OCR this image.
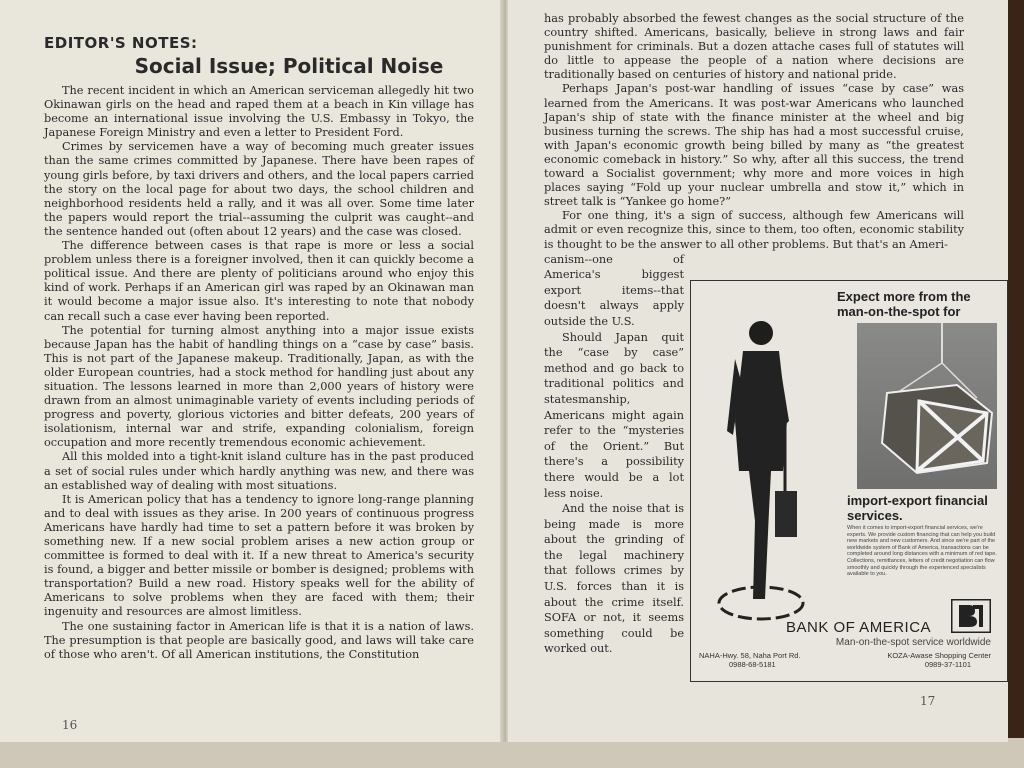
EDITOR'S NOTES:
Social Issue; Political Noise

The recent incident in which an American serviceman allegedly hit two Okinawan girls on the head and raped them at a beach in Kin village has become an international issue involving the U.S. Embassy in Tokyo, the Japanese Foreign Ministry and even a letter to President Ford.

Crimes by servicemen have a way of becoming much greater issues than the same crimes committed by Japanese. There have been rapes of young girls before, by taxi drivers and others, and the local papers carried the story on the local page for about two days, the school children and neighborhood residents held a rally, and it was all over. Some time later the papers would report the trial--assuming the culprit was caught--and the sentence handed out (often about 12 years) and the case was closed.

The difference between cases is that rape is more or less a social problem unless there is a foreigner involved, then it can quickly become a political issue. And there are plenty of politicians around who enjoy this kind of work. Perhaps if an American girl was raped by an Okinawan man it would become a major issue also. It's interesting to note that nobody can recall such a case ever having been reported.

The potential for turning almost anything into a major issue exists because Japan has the habit of handling things on a “case by case” basis. This is not part of the Japanese makeup. Traditionally, Japan, as with the older European countries, had a stock method for handling just about any situation. The lessons learned in more than 2,000 years of history were drawn from an almost unimaginable variety of events including periods of progress and poverty, glorious victories and bitter defeats, 200 years of isolationism, internal war and strife, expanding colonialism, foreign occupation and more recently tremendous economic achievement.

All this molded into a tight-knit island culture has in the past produced a set of social rules under which hardly anything was new, and there was an established way of dealing with most situations.

It is American policy that has a tendency to ignore long-range planning and to deal with issues as they arise. In 200 years of continuous progress Americans have hardly had time to set a pattern before it was broken by something new. If a new social problem arises a new action group or committee is formed to deal with it. If a new threat to America's security is found, a bigger and better missile or bomber is designed; problems with transportation? Build a new road. History speaks well for the ability of Americans to solve problems when they are faced with them; their ingenuity and resources are almost limitless.

The one sustaining factor in American life is that it is a nation of laws. The presumption is that people are basically good, and laws will take care of those who aren't. Of all American institutions, the Constitution

16

has probably absorbed the fewest changes as the social structure of the country shifted. Americans, basically, believe in strong laws and fair punishment for criminals. But a dozen attache cases full of statutes will do little to appease the people of a nation where decisions are traditionally based on centuries of history and national pride.

Perhaps Japan's post-war handling of issues “case by case” was learned from the Americans. It was post-war Americans who launched Japan's ship of state with the finance minister at the wheel and big business turning the screws. The ship has had a most successful cruise, with Japan's economic growth being billed by many as “the greatest economic comeback in history.” So why, after all this success, the trend toward a Socialist government; why more and more voices in high places saying “Fold up your nuclear umbrella and stow it,” which in street talk is “Yankee go home?”

For one thing, it's a sign of success, although few Americans will admit or even recognize this, since to them, too often, economic stability is thought to be the answer to all other problems. But that's an Ameri-

canism--one of America's biggest export items--that doesn't always apply outside the U.S.

Should Japan quit the “case by case” method and go back to traditional politics and statesmanship, Americans might again refer to the “mysteries of the Orient.” But there's a possibility there would be a lot less noise.

And the noise that is being made is more about the grinding of the legal machinery that follows crimes by U.S. forces than it is about the crime itself. SOFA or not, it seems something could be worked out.

Expect more from the man-on-the-spot for
import-export financial services.
When it comes to import-export financial services, we're experts. We provide custom financing that can help you build new markets and new customers. And since we're part of the worldwide system of Bank of America, transactions can be completed around long distances with a minimum of red tape. Collections, remittances, letters of credit negotiation can flow smoothly and quickly through the experienced specialists available to you.
BANK OF AMERICA
Man-on-the-spot service worldwide
NAHA-Hwy. 58, Naha Port Rd.
0988-68-5181
KOZA-Awase Shopping Center
0989-37-1101
17
